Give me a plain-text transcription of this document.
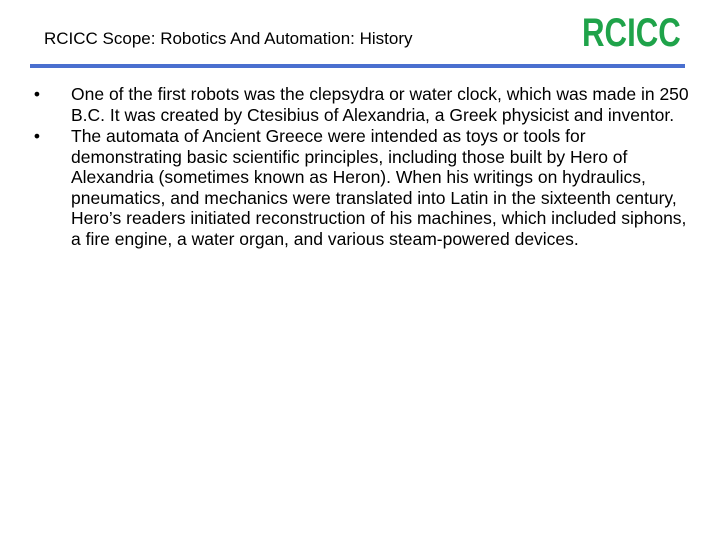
RCICC Scope: Robotics And Automation: History	RCICC
• One of the first robots was the clepsydra or water clock, which was made in 250 B.C. It was created by Ctesibius of Alexandria, a Greek physicist and inventor.
• The automata of Ancient Greece were intended as toys or tools for demonstrating basic scientific principles, including those built by Hero of Alexandria (sometimes known as Heron). When his writings on hydraulics, pneumatics, and mechanics were translated into Latin in the sixteenth century, Hero’s readers initiated reconstruction of his machines, which included siphons, a fire engine, a water organ, and various steam-powered devices.
